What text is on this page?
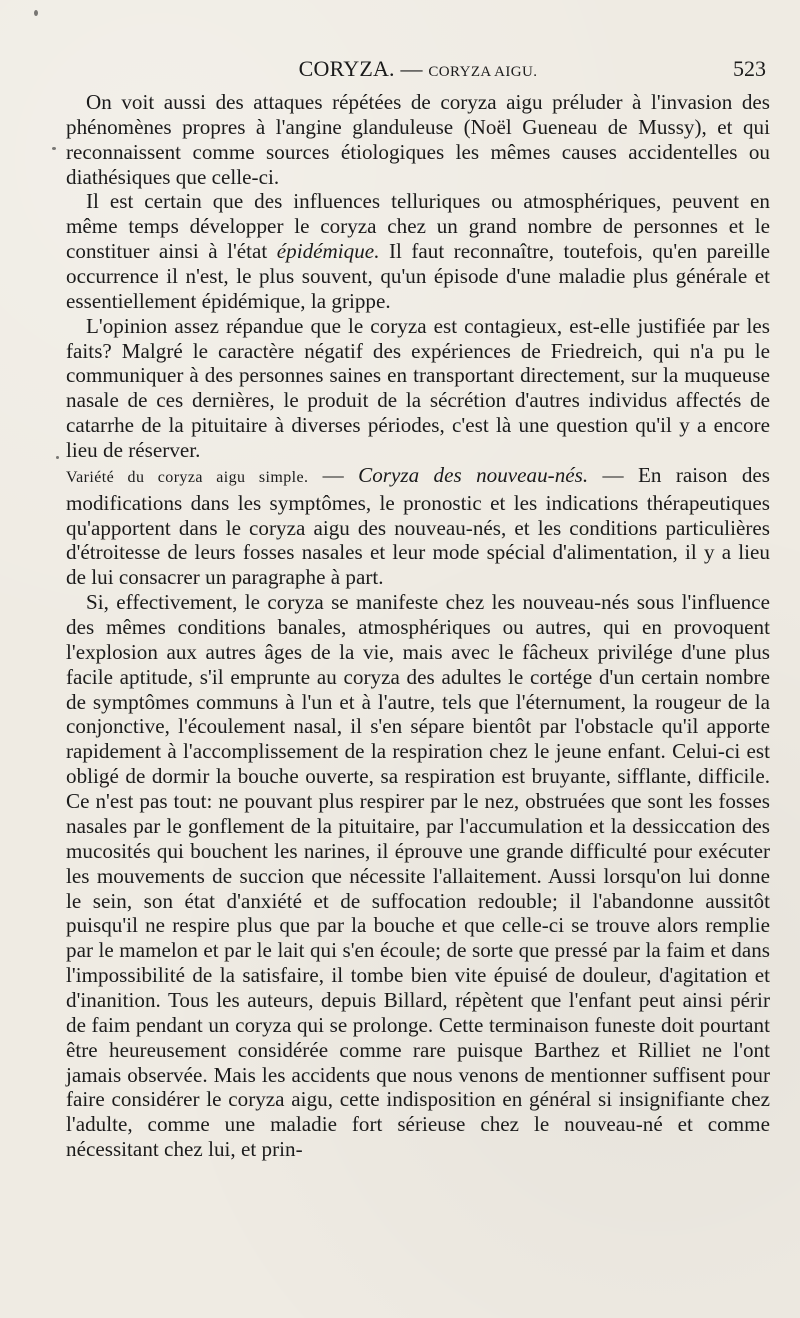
CORYZA. — CORYZA AIGU.	523

On voit aussi des attaques répétées de coryza aigu préluder à l'invasion des phénomènes propres à l'angine glanduleuse (Noël Gueneau de Mussy), et qui reconnaissent comme sources étiologiques les mêmes causes accidentelles ou diathésiques que celle-ci.

Il est certain que des influences telluriques ou atmosphériques, peuvent en même temps développer le coryza chez un grand nombre de personnes et le constituer ainsi à l'état épidémique. Il faut reconnaître, toutefois, qu'en pareille occurrence il n'est, le plus souvent, qu'un épisode d'une maladie plus générale et essentiellement épidémique, la grippe.

L'opinion assez répandue que le coryza est contagieux, est-elle justifiée par les faits? Malgré le caractère négatif des expériences de Friedreich, qui n'a pu le communiquer à des personnes saines en transportant directement, sur la muqueuse nasale de ces dernières, le produit de la sécrétion d'autres individus affectés de catarrhe de la pituitaire à diverses périodes, c'est là une question qu'il y a encore lieu de réserver.

Variété du coryza aigu simple. — Coryza des nouveau-nés. — En raison des modifications dans les symptômes, le pronostic et les indications thérapeutiques qu'apportent dans le coryza aigu des nouveau-nés, et les conditions particulières d'étroitesse de leurs fosses nasales et leur mode spécial d'alimentation, il y a lieu de lui consacrer un paragraphe à part.

Si, effectivement, le coryza se manifeste chez les nouveau-nés sous l'influence des mêmes conditions banales, atmosphériques ou autres, qui en provoquent l'explosion aux autres âges de la vie, mais avec le fâcheux privilége d'une plus facile aptitude, s'il emprunte au coryza des adultes le cortége d'un certain nombre de symptômes communs à l'un et à l'autre, tels que l'éternument, la rougeur de la conjonctive, l'écoulement nasal, il s'en sépare bientôt par l'obstacle qu'il apporte rapidement à l'accomplissement de la respiration chez le jeune enfant. Celui-ci est obligé de dormir la bouche ouverte, sa respiration est bruyante, sifflante, difficile. Ce n'est pas tout: ne pouvant plus respirer par le nez, obstruées que sont les fosses nasales par le gonflement de la pituitaire, par l'accumulation et la dessiccation des mucosités qui bouchent les narines, il éprouve une grande difficulté pour exécuter les mouvements de succion que nécessite l'allaitement. Aussi lorsqu'on lui donne le sein, son état d'anxiété et de suffocation redouble; il l'abandonne aussitôt puisqu'il ne respire plus que par la bouche et que celle-ci se trouve alors remplie par le mamelon et par le lait qui s'en écoule; de sorte que pressé par la faim et dans l'impossibilité de la satisfaire, il tombe bien vite épuisé de douleur, d'agitation et d'inanition. Tous les auteurs, depuis Billard, répètent que l'enfant peut ainsi périr de faim pendant un coryza qui se prolonge. Cette terminaison funeste doit pourtant être heureusement considérée comme rare puisque Barthez et Rilliet ne l'ont jamais observée. Mais les accidents que nous venons de mentionner suffisent pour faire considérer le coryza aigu, cette indisposition en général si insignifiante chez l'adulte, comme une maladie fort sérieuse chez le nouveau-né et comme nécessitant chez lui, et prin-
